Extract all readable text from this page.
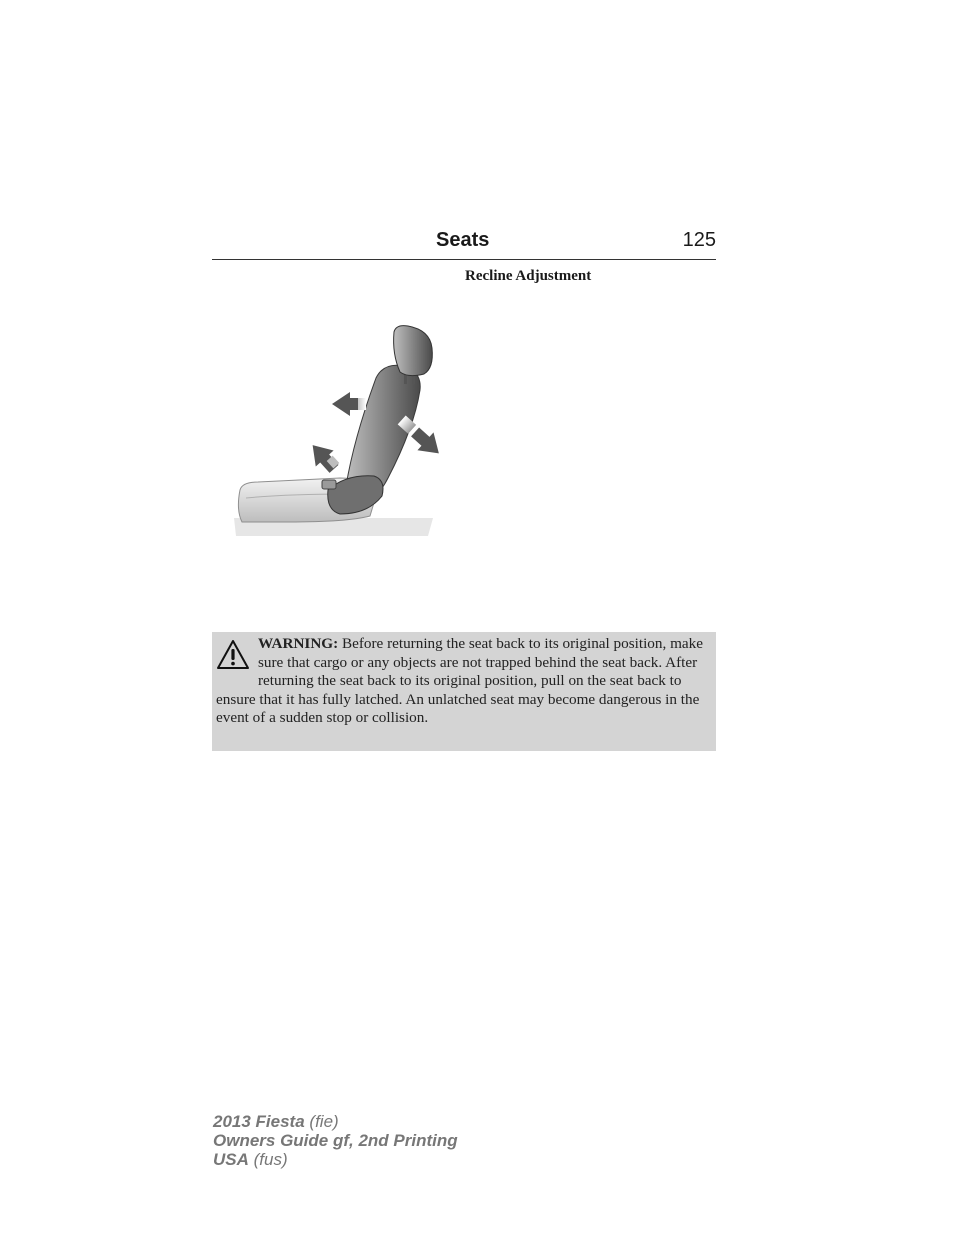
Seats	125
Recline Adjustment
WARNING: Before returning the seat back to its original position, make sure that cargo or any objects are not trapped behind the seat back. After returning the seat back to its original position, pull on the seat back to ensure that it has fully latched. An unlatched seat may become dangerous in the event of a sudden stop or collision.
2013 Fiesta (fie)
Owners Guide gf, 2nd Printing
USA (fus)
